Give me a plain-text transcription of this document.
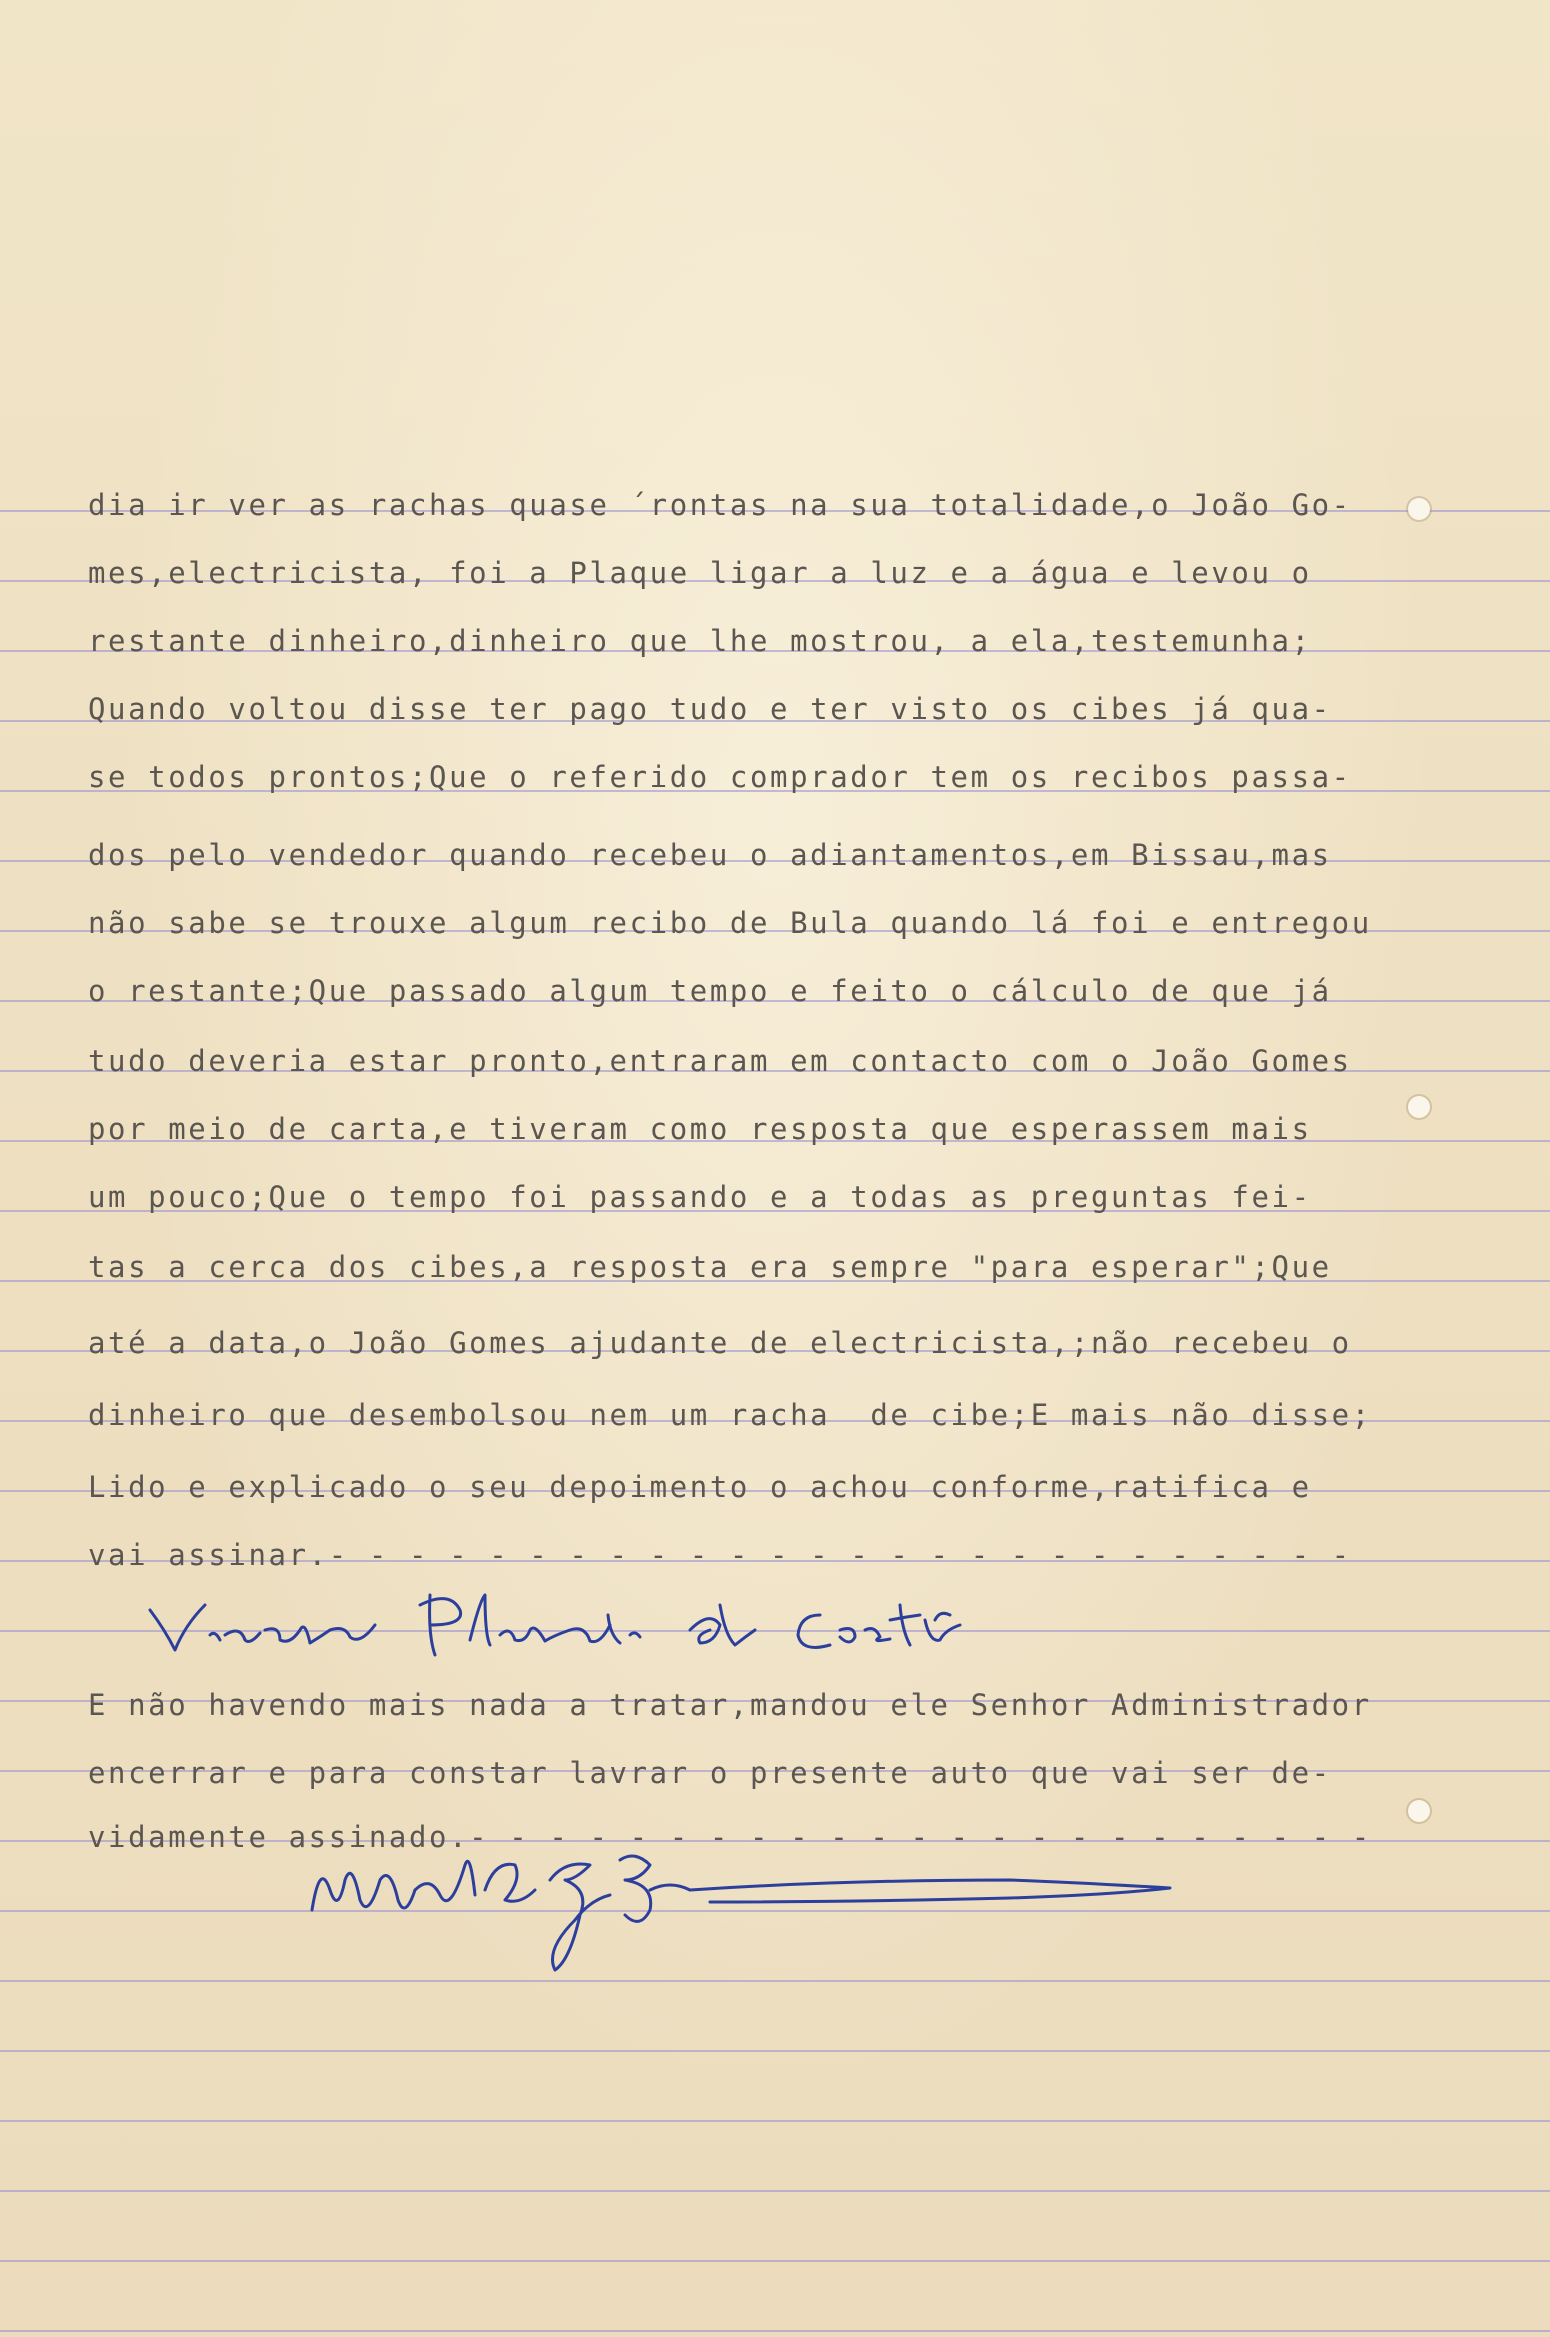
dia ir ver as rachas quase ´rontas na sua totalidade,o João Go-
mes,electricista, foi a Plaque ligar a luz e a água e levou o
restante dinheiro,dinheiro que lhe mostrou, a ela,testemunha;
Quando voltou disse ter pago tudo e ter visto os cibes já qua-
se todos prontos;Que o referido comprador tem os recibos passa-
dos pelo vendedor quando recebeu o adiantamentos,em Bissau,mas
não sabe se trouxe algum recibo de Bula quando lá foi e entregou
o restante;Que passado algum tempo e feito o cálculo de que já
tudo deveria estar pronto,entraram em contacto com o João Gomes
por meio de carta,e tiveram como resposta que esperassem mais
um pouco;Que o tempo foi passando e a todas as preguntas fei-
tas a cerca dos cibes,a resposta era sempre "para esperar";Que
até a data,o João Gomes ajudante de electricista,;não recebeu o
dinheiro que desembolsou nem um racha  de cibe;E mais não disse;
Lido e explicado o seu depoimento o achou conforme,ratifica e
vai assinar.- - - - - - - - - - - - - - - - - - - - - - - - - -
E não havendo mais nada a tratar,mandou ele Senhor Administrador
encerrar e para constar lavrar o presente auto que vai ser de-
vidamente assinado.- - - - - - - - - - - - - - - - - - - - - - -
